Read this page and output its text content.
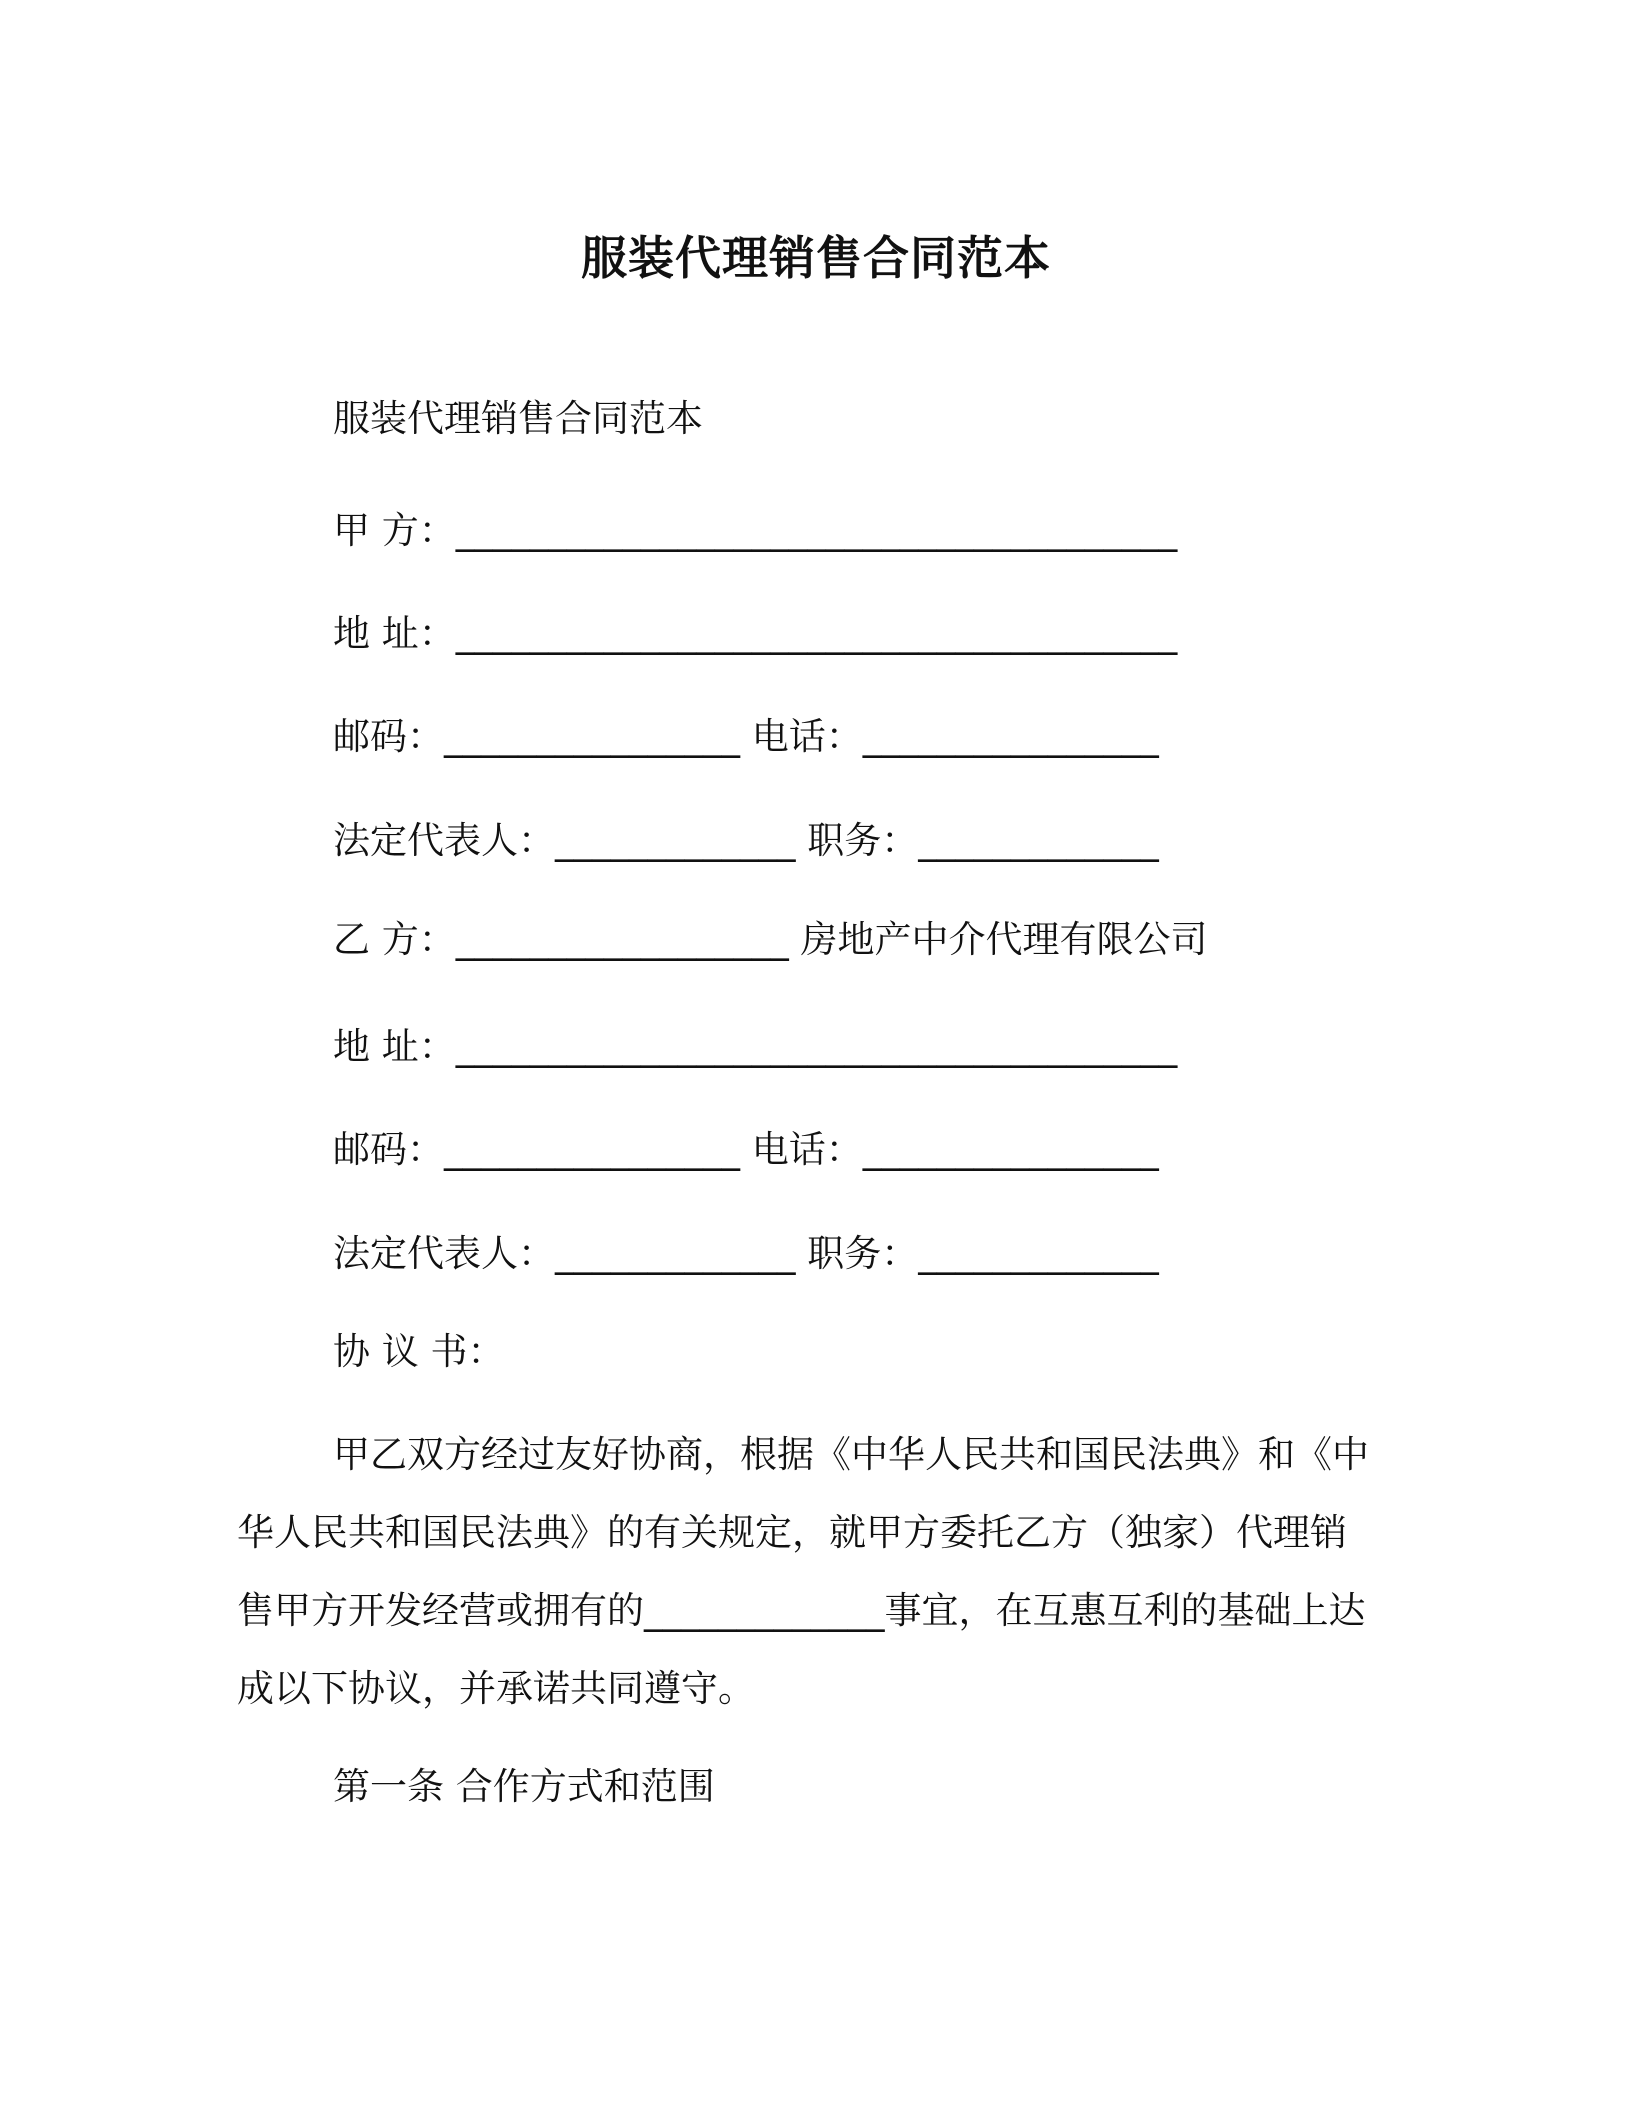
服装代理销售合同范本
服装代理销售合同范本
甲 方：_______________________________________
地 址：_______________________________________
邮码：________________ 电话：________________
法定代表人：_____________ 职务：_____________
乙 方：__________________ 房地产中介代理有限公司
地 址：_______________________________________
邮码：________________ 电话：________________
法定代表人：_____________ 职务：_____________
协 议 书：
甲乙双方经过友好协商，根据《中华人民共和国民法典》和《中
华人民共和国民法典》的有关规定，就甲方委托乙方（独家）代理销
售甲方开发经营或拥有的_____________事宜，在互惠互利的基础上达
成以下协议，并承诺共同遵守。
第一条 合作方式和范围
